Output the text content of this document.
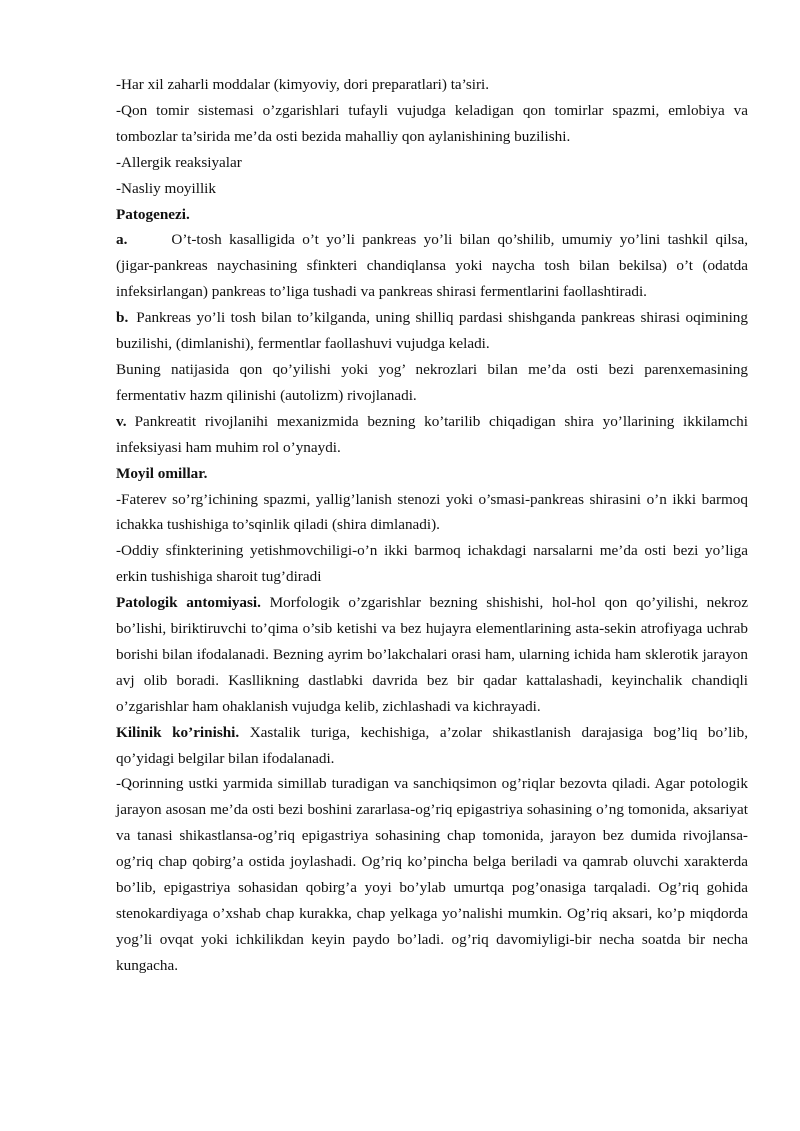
-Har xil zaharli moddalar (kimyoviy, dori preparatlari) ta’siri.

-Qon tomir sistemasi o’zgarishlari tufayli vujudga keladigan qon tomirlar spazmi, emlobiya va tombozlar ta’sirida me’da osti bezida mahalliy qon aylanishining buzilishi.

-Allergik reaksiyalar

-Nasliy moyillik

Patogenezi.

a.	O’t-tosh kasalligida o’t yo’li pankreas yo’li bilan qo’shilib, umumiy yo’lini tashkil qilsa, (jigar-pankreas naychasining sfinkteri chandiqlansa yoki naycha tosh bilan bekilsa) o’t (odatda infeksirlangan) pankreas to’liga tushadi va pankreas shirasi fermentlarini faollashtiradi.

b. Pankreas yo’li tosh bilan to’kilganda, uning shilliq pardasi shishganda pankreas shirasi oqimining buzilishi, (dimlanishi), fermentlar faollashuvi vujudga keladi.

Buning natijasida qon qo’yilishi yoki yog’ nekrozlari bilan me’da osti bezi parenxemasining fermentativ hazm qilinishi (autolizm) rivojlanadi.

v. Pankreatit rivojlanihi mexanizmida bezning ko’tarilib chiqadigan shira yo’llarining ikkilamchi infeksiyasi ham muhim rol o’ynaydi.

Moyil omillar.

-Faterev so’rg’ichining spazmi, yallig’lanish stenozi yoki o’smasi-pankreas shirasini o’n ikki barmoq ichakka tushishiga to’sqinlik qiladi (shira dimlanadi).

-Oddiy sfinkterining yetishmovchiligi-o’n ikki barmoq ichakdagi narsalarni me’da osti bezi yo’liga erkin tushishiga sharoit tug’diradi

Patologik antomiyasi. Morfologik o’zgarishlar bezning shishishi, hol-hol qon qo’yilishi, nekroz bo’lishi, biriktiruvchi to’qima o’sib ketishi va bez hujayra elementlarining asta-sekin atrofiyaga uchrab borishi bilan ifodalanadi. Bezning ayrim bo’lakchalari orasi ham, ularning ichida ham sklerotik jarayon avj olib boradi. Kasllikning dastlabki davrida bez bir qadar kattalashadi, keyinchalik chandiqli o’zgarishlar ham ohaklanish vujudga kelib, zichlashadi va kichrayadi.

Kilinik ko’rinishi. Xastalik turiga, kechishiga, a’zolar shikastlanish darajasiga bog’liq bo’lib, qo’yidagi belgilar bilan ifodalanadi.

-Qorinning ustki yarmida simillab turadigan va sanchiqsimon og’riqlar bezovta qiladi. Agar potologik jarayon asosan me’da osti bezi boshini zararlasa-og’riq epigastriya sohasining o’ng tomonida, aksariyat va tanasi shikastlansa-og’riq epigastriya sohasining chap tomonida, jarayon bez dumida rivojlansa-og’riq chap qobirg’a ostida joylashadi. Og’riq ko’pincha belga beriladi va qamrab oluvchi xarakterda bo’lib, epigastriya sohasidan qobirg’a yoyi bo’ylab umurtqa pog’onasiga tarqaladi. Og’riq gohida stenokardiyaga o’xshab chap kurakka, chap yelkaga yo’nalishi mumkin. Og’riq aksari, ko’p miqdorda yog’li ovqat yoki ichkilikdan keyin paydo bo’ladi. og’riq davomiyligi-bir necha soatda bir necha kungacha.
